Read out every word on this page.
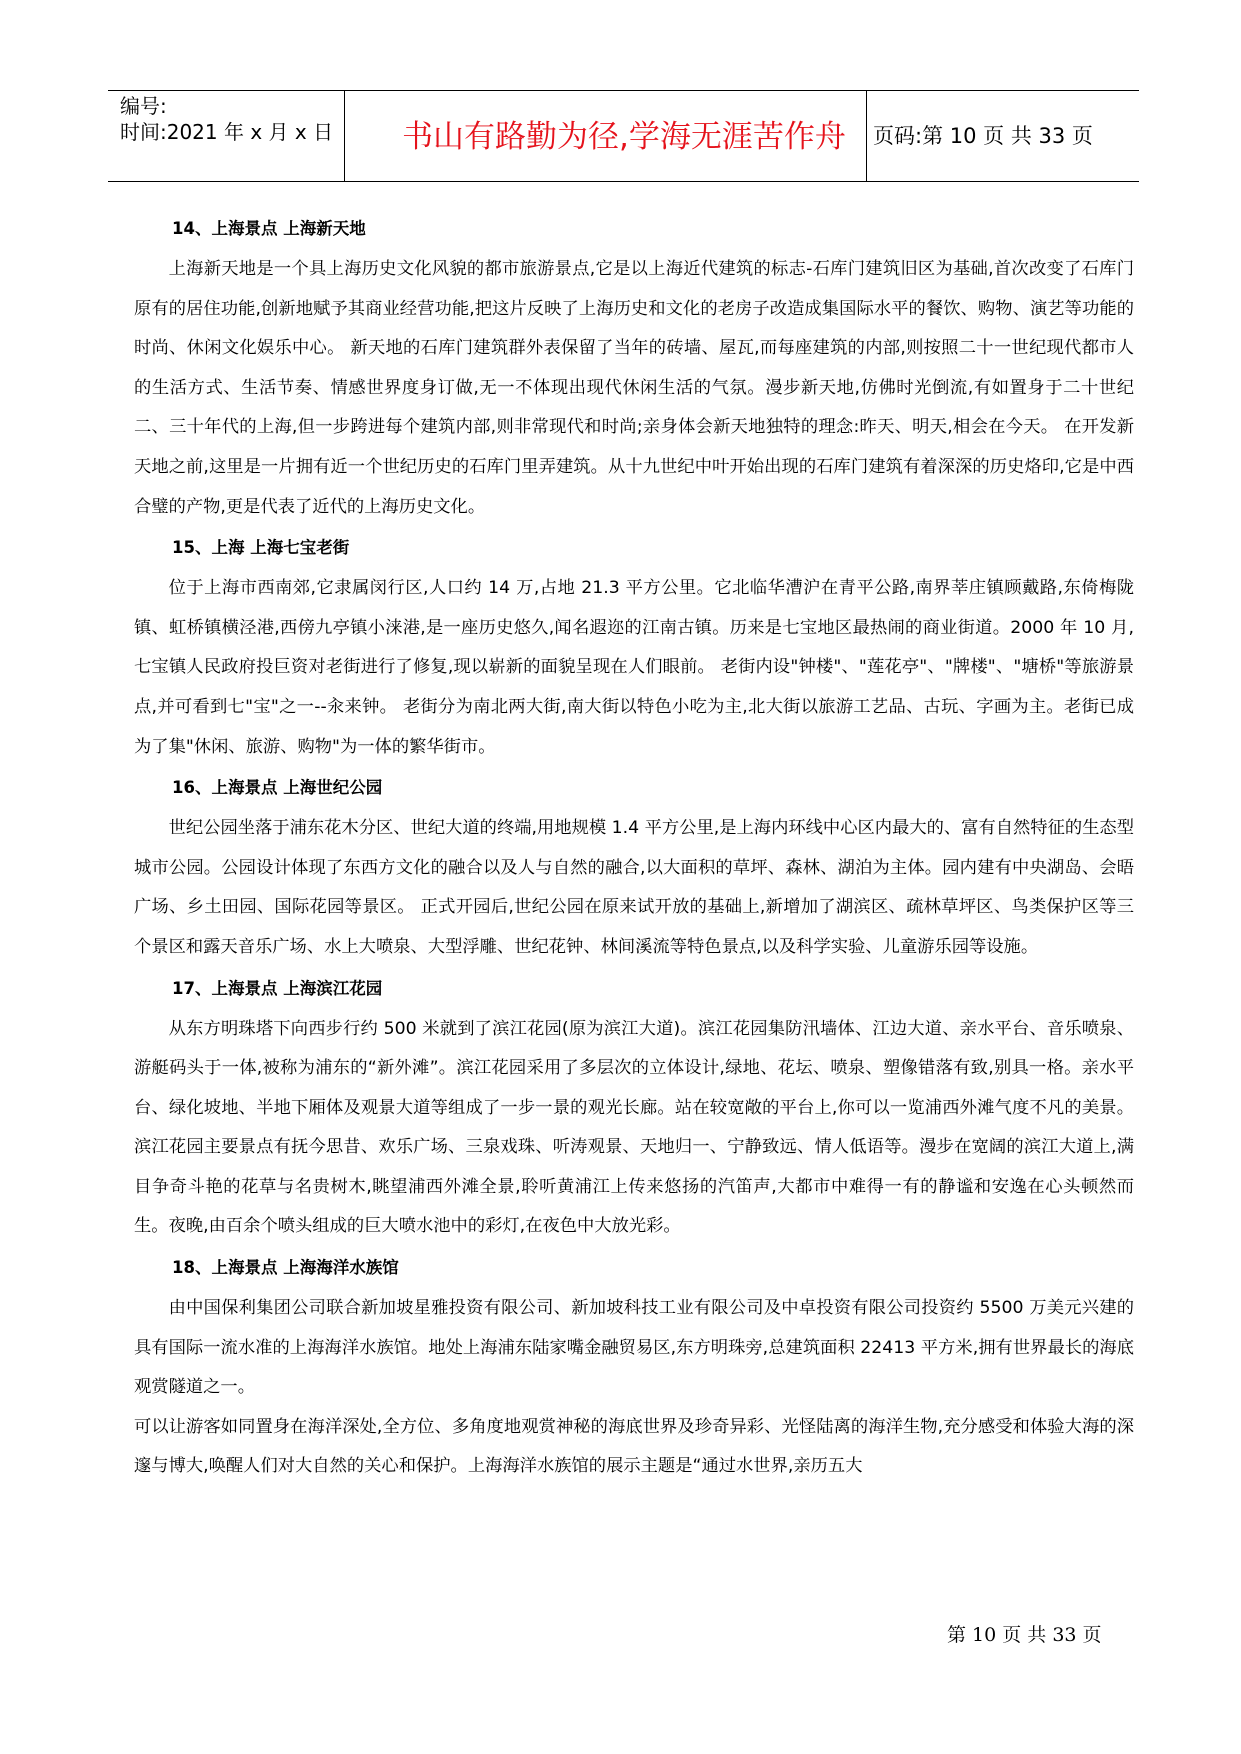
编号:
时间:2021 年 x 月 x 日	书山有路勤为径,学海无涯苦作舟	页码:第 10 页 共 33 页
14、上海景点 上海新天地

上海新天地是一个具上海历史文化风貌的都市旅游景点,它是以上海近代建筑的标志-石库门建筑旧区为基础,首次改变了石库门原有的居住功能,创新地赋予其商业经营功能,把这片反映了上海历史和文化的老房子改造成集国际水平的餐饮、购物、演艺等功能的时尚、休闲文化娱乐中心。 新天地的石库门建筑群外表保留了当年的砖墙、屋瓦,而每座建筑的内部,则按照二十一世纪现代都市人的生活方式、生活节奏、情感世界度身订做,无一不体现出现代休闲生活的气氛。漫步新天地,仿佛时光倒流,有如置身于二十世纪二、三十年代的上海,但一步跨进每个建筑内部,则非常现代和时尚;亲身体会新天地独特的理念:昨天、明天,相会在今天。 在开发新天地之前,这里是一片拥有近一个世纪历史的石库门里弄建筑。从十九世纪中叶开始出现的石库门建筑有着深深的历史烙印,它是中西合璧的产物,更是代表了近代的上海历史文化。

15、上海 上海七宝老街

位于上海市西南郊,它隶属闵行区,人口约 14 万,占地 21.3 平方公里。它北临华漕沪在青平公路,南界莘庄镇顾戴路,东倚梅陇镇、虹桥镇横泾港,西傍九亭镇小涞港,是一座历史悠久,闻名遐迩的江南古镇。历来是七宝地区最热闹的商业街道。2000 年 10 月,七宝镇人民政府投巨资对老街进行了修复,现以崭新的面貌呈现在人们眼前。 老街内设"钟楼"、"莲花亭"、"牌楼"、"塘桥"等旅游景点,并可看到七"宝"之一--汆来钟。 老街分为南北两大街,南大街以特色小吃为主,北大街以旅游工艺品、古玩、字画为主。老街已成为了集"休闲、旅游、购物"为一体的繁华街市。

16、上海景点 上海世纪公园

世纪公园坐落于浦东花木分区、世纪大道的终端,用地规模 1.4 平方公里,是上海内环线中心区内最大的、富有自然特征的生态型城市公园。公园设计体现了东西方文化的融合以及人与自然的融合,以大面积的草坪、森林、湖泊为主体。园内建有中央湖岛、会晤广场、乡土田园、国际花园等景区。 正式开园后,世纪公园在原来试开放的基础上,新增加了湖滨区、疏林草坪区、鸟类保护区等三个景区和露天音乐广场、水上大喷泉、大型浮雕、世纪花钟、林间溪流等特色景点,以及科学实验、儿童游乐园等设施。

17、上海景点 上海滨江花园

从东方明珠塔下向西步行约 500 米就到了滨江花园(原为滨江大道)。滨江花园集防汛墙体、江边大道、亲水平台、音乐喷泉、游艇码头于一体,被称为浦东的“新外滩”。滨江花园采用了多层次的立体设计,绿地、花坛、喷泉、塑像错落有致,别具一格。亲水平台、绿化坡地、半地下厢体及观景大道等组成了一步一景的观光长廊。站在较宽敞的平台上,你可以一览浦西外滩气度不凡的美景。 滨江花园主要景点有抚今思昔、欢乐广场、三泉戏珠、听涛观景、天地归一、宁静致远、情人低语等。漫步在宽阔的滨江大道上,满目争奇斗艳的花草与名贵树木,眺望浦西外滩全景,聆听黄浦江上传来悠扬的汽笛声,大都市中难得一有的静谧和安逸在心头顿然而生。夜晚,由百余个喷头组成的巨大喷水池中的彩灯,在夜色中大放光彩。

18、上海景点 上海海洋水族馆

由中国保利集团公司联合新加坡星雅投资有限公司、新加坡科技工业有限公司及中卓投资有限公司投资约 5500 万美元兴建的具有国际一流水准的上海海洋水族馆。地处上海浦东陆家嘴金融贸易区,东方明珠旁,总建筑面积 22413 平方米,拥有世界最长的海底观赏隧道之一。

可以让游客如同置身在海洋深处,全方位、多角度地观赏神秘的海底世界及珍奇异彩、光怪陆离的海洋生物,充分感受和体验大海的深邃与博大,唤醒人们对大自然的关心和保护。上海海洋水族馆的展示主题是“通过水世界,亲历五大

第 10 页 共 33 页
